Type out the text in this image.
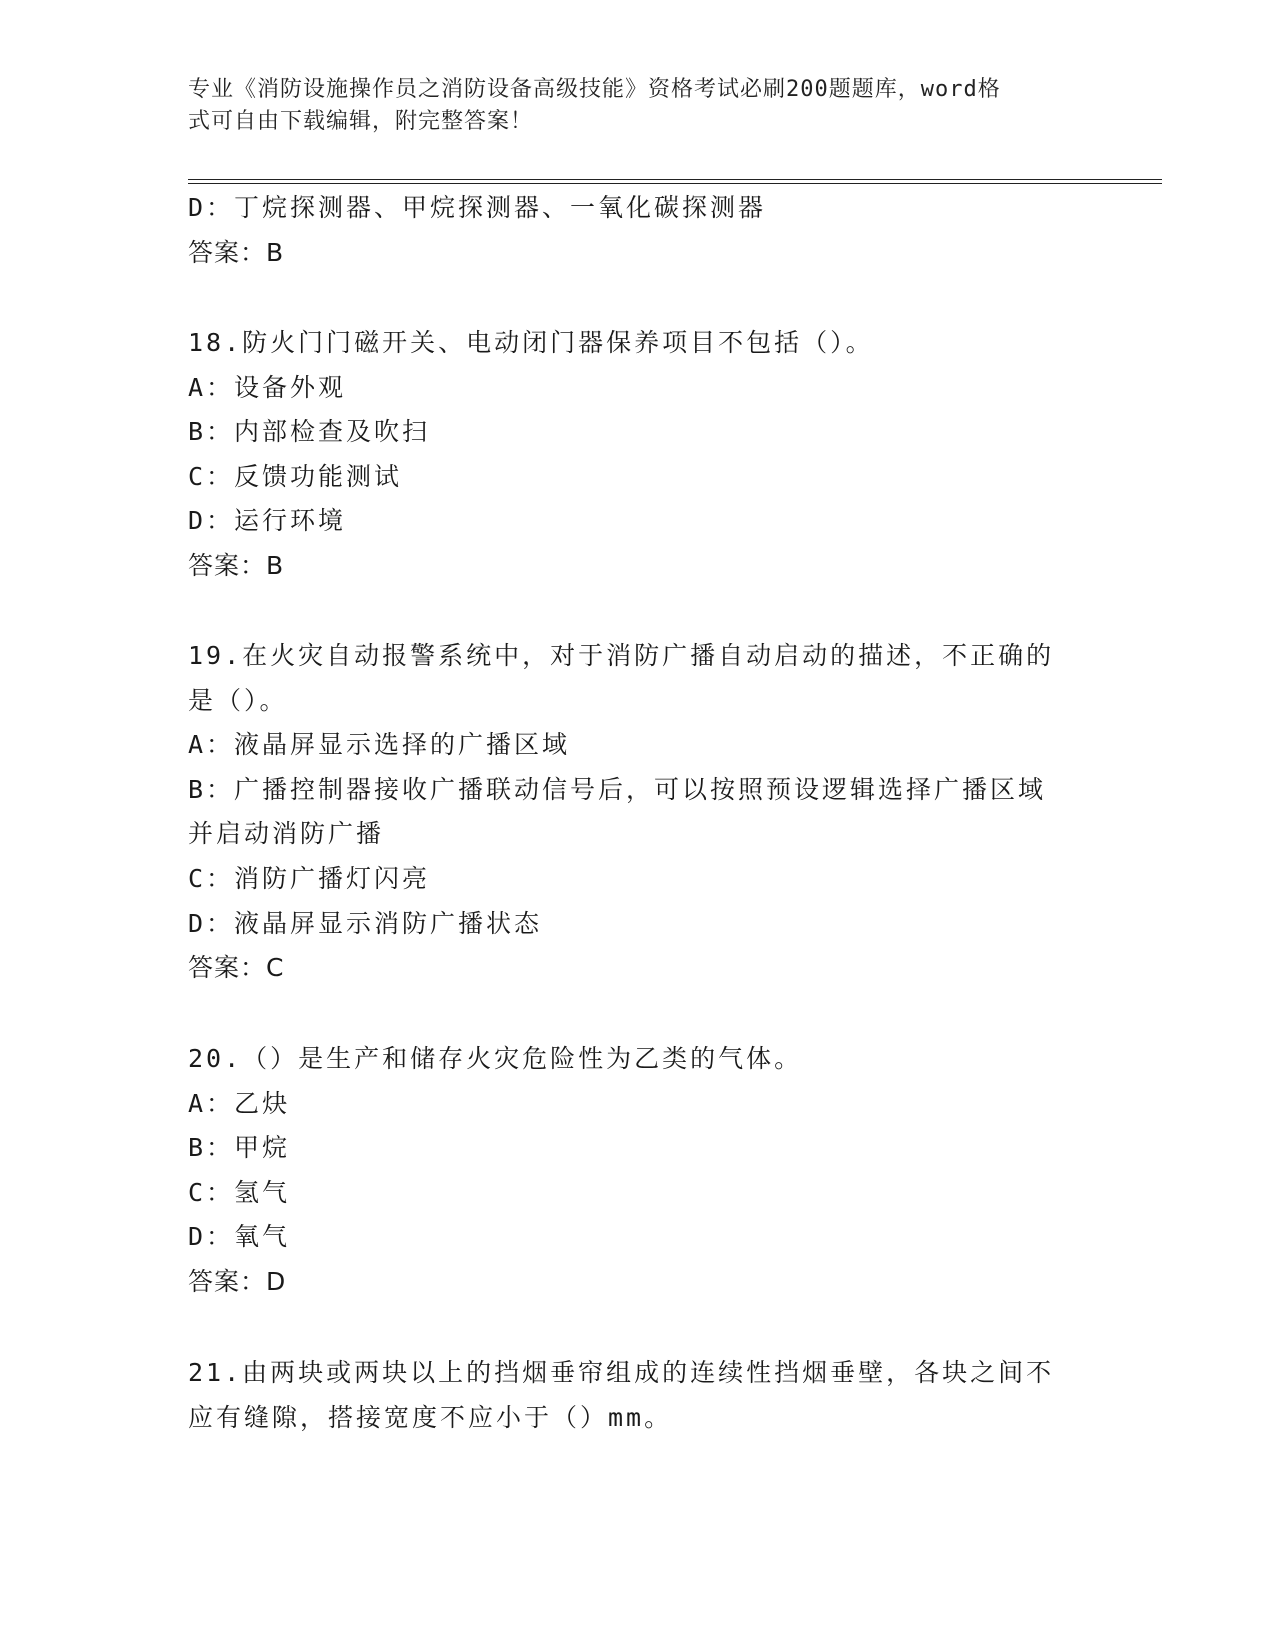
专业《消防设施操作员之消防设备高级技能》资格考试必刷200题题库，word格
式可自由下载编辑，附完整答案！
D：丁烷探测器、甲烷探测器、一氧化碳探测器
答案：B
18.防火门门磁开关、电动闭门器保养项目不包括（）。
A：设备外观
B：内部检查及吹扫
C：反馈功能测试
D：运行环境
答案：B
19.在火灾自动报警系统中，对于消防广播自动启动的描述，不正确的
是（）。
A：液晶屏显示选择的广播区域
B：广播控制器接收广播联动信号后，可以按照预设逻辑选择广播区域
并启动消防广播
C：消防广播灯闪亮
D：液晶屏显示消防广播状态
答案：C
20.（）是生产和储存火灾危险性为乙类的气体。
A：乙炔
B：甲烷
C：氢气
D：氧气
答案：D
21.由两块或两块以上的挡烟垂帘组成的连续性挡烟垂壁，各块之间不
应有缝隙，搭接宽度不应小于（）mm。
